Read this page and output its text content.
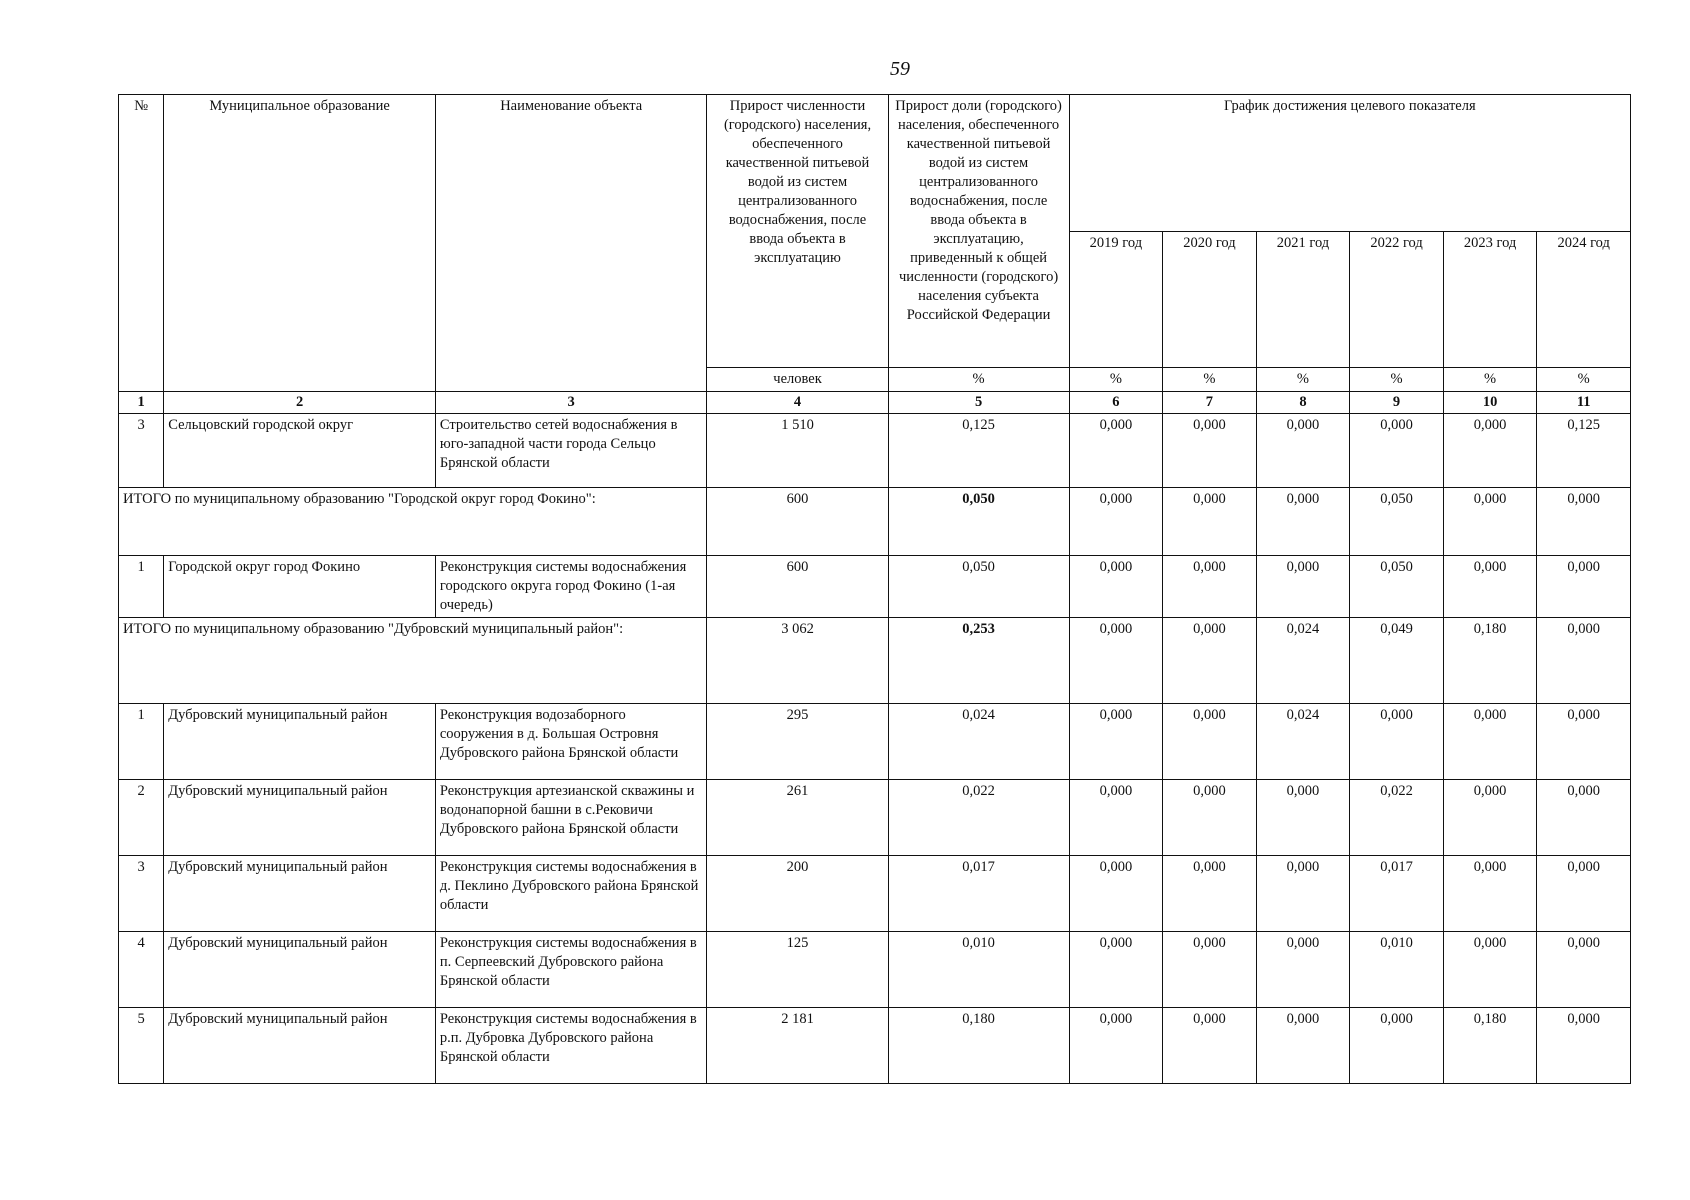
59
№	Муниципальное образование	Наименование объекта	Прирост численности (городского) населения, обеспеченного качественной питьевой водой из систем централизованного водоснабжения, после ввода объекта в эксплуатацию	Прирост доли (городского) населения, обеспеченного качественной питьевой водой из систем централизованного водоснабжения, после ввода объекта в эксплуатацию, приведенный к общей численности (городского) населения субъекта Российской Федерации	График достижения целевого показателя					
					2019 год	2020 год	2021 год	2022 год	2023 год	2024 год
			человек	%	%	%	%	%	%	%
1	2	3	4	5	6	7	8	9	10	11
3	Сельцовский городской округ	Строительство сетей водоснабжения в юго-западной части города Сельцо Брянской области	1 510	0,125	0,000	0,000	0,000	0,000	0,000	0,125
ИТОГО по муниципальному образованию "Городской округ город Фокино":			600	0,050	0,000	0,000	0,000	0,050	0,000	0,000
1	Городской округ город Фокино	Реконструкция системы водоснабжения городского округа город Фокино (1-ая очередь)	600	0,050	0,000	0,000	0,000	0,050	0,000	0,000
ИТОГО по муниципальному образованию "Дубровский муниципальный район":			3 062	0,253	0,000	0,000	0,024	0,049	0,180	0,000
1	Дубровский муниципальный район	Реконструкция водозаборного сооружения в д. Большая Островня Дубровского района Брянской области	295	0,024	0,000	0,000	0,024	0,000	0,000	0,000
2	Дубровский муниципальный район	Реконструкция артезианской скважины и водонапорной башни в с.Рековичи Дубровского района Брянской области	261	0,022	0,000	0,000	0,000	0,022	0,000	0,000
3	Дубровский муниципальный район	Реконструкция системы водоснабжения в д. Пеклино Дубровского района Брянской области	200	0,017	0,000	0,000	0,000	0,017	0,000	0,000
4	Дубровский муниципальный район	Реконструкция системы водоснабжения в п. Серпеевский Дубровского района Брянской области	125	0,010	0,000	0,000	0,000	0,010	0,000	0,000
5	Дубровский муниципальный район	Реконструкция системы водоснабжения в р.п. Дубровка Дубровского района Брянской области	2 181	0,180	0,000	0,000	0,000	0,000	0,180	0,000
